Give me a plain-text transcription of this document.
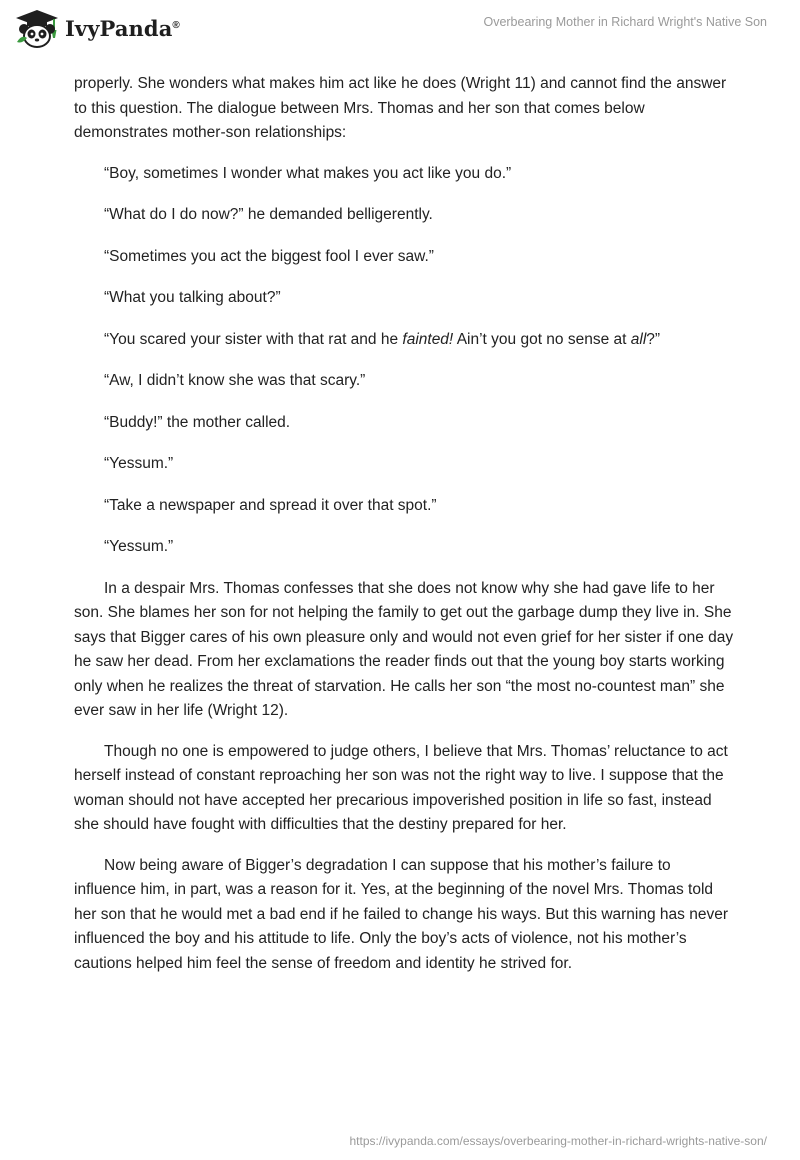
IvyPanda®	Overbearing Mother in Richard Wright's Native Son

properly. She wonders what makes him act like he does (Wright 11) and cannot find the answer to this question. The dialogue between Mrs. Thomas and her son that comes below demonstrates mother-son relationships:

“Boy, sometimes I wonder what makes you act like you do.”

“What do I do now?” he demanded belligerently.

“Sometimes you act the biggest fool I ever saw.”

“What you talking about?”

“You scared your sister with that rat and he fainted! Ain’t you got no sense at all?”

“Aw, I didn’t know she was that scary.”

“Buddy!” the mother called.

“Yessum.”

“Take a newspaper and spread it over that spot.”

“Yessum.”

In a despair Mrs. Thomas confesses that she does not know why she had gave life to her son. She blames her son for not helping the family to get out the garbage dump they live in. She says that Bigger cares of his own pleasure only and would not even grief for her sister if one day he saw her dead. From her exclamations the reader finds out that the young boy starts working only when he realizes the threat of starvation. He calls her son “the most no-countest man” she ever saw in her life (Wright 12).

Though no one is empowered to judge others, I believe that Mrs. Thomas’ reluctance to act herself instead of constant reproaching her son was not the right way to live. I suppose that the woman should not have accepted her precarious impoverished position in life so fast, instead she should have fought with difficulties that the destiny prepared for her.

Now being aware of Bigger’s degradation I can suppose that his mother’s failure to influence him, in part, was a reason for it. Yes, at the beginning of the novel Mrs. Thomas told her son that he would met a bad end if he failed to change his ways. But this warning has never influenced the boy and his attitude to life. Only the boy’s acts of violence, not his mother’s cautions helped him feel the sense of freedom and identity he strived for.

https://ivypanda.com/essays/overbearing-mother-in-richard-wrights-native-son/
